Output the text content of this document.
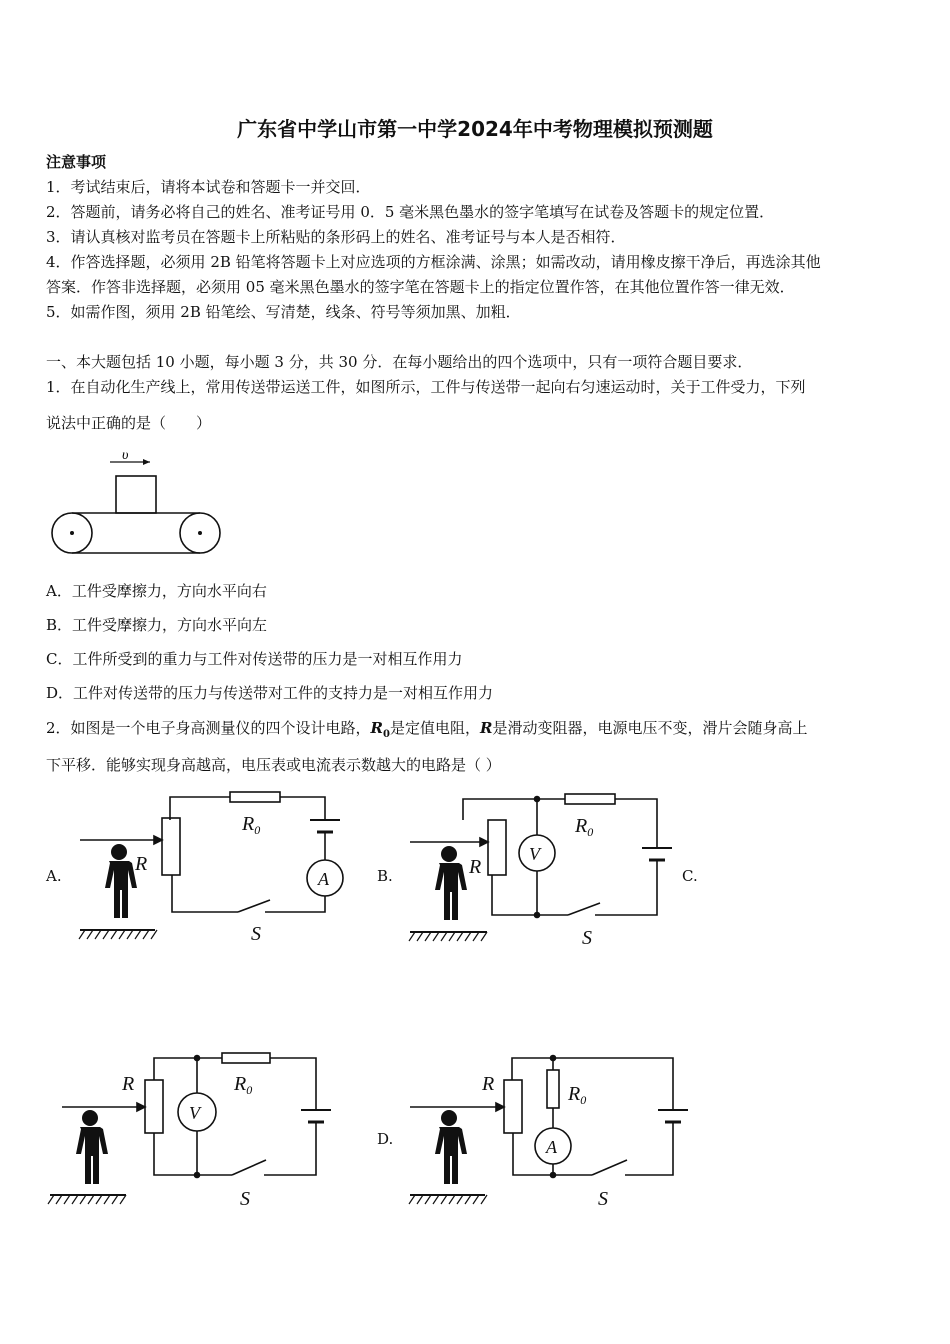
广东省中学山市第一中学2024年中考物理模拟预测题
注意事项
1．考试结束后，请将本试卷和答题卡一并交回．
2．答题前，请务必将自己的姓名、准考证号用 0．5 毫米黑色墨水的签字笔填写在试卷及答题卡的规定位置．
3．请认真核对监考员在答题卡上所粘贴的条形码上的姓名、准考证号与本人是否相符．
4．作答选择题，必须用 2B 铅笔将答题卡上对应选项的方框涂满、涂黑；如需改动，请用橡皮擦干净后，再选涂其他
答案．作答非选择题，必须用 05 毫米黑色墨水的签字笔在答题卡上的指定位置作答，在其他位置作答一律无效．
5．如需作图，须用 2B 铅笔绘、写清楚，线条、符号等须加黑、加粗．
一、本大题包括 10 小题，每小题 3 分，共 30 分．在每小题给出的四个选项中，只有一项符合题目要求．
1．在自动化生产线上，常用传送带运送工件，如图所示，工件与传送带一起向右匀速运动时，关于工件受力，下列
说法中正确的是（　　）
υ
A．工件受摩擦力，方向水平向右
B．工件受摩擦力，方向水平向左
C．工件所受到的重力与工件对传送带的压力是一对相互作用力
D．工件对传送带的压力与传送带对工件的支持力是一对相互作用力
2．如图是一个电子身高测量仪的四个设计电路，$R_0$是定值电阻，R是滑动变阻器，电源电压不变，滑片会随身高上
下平移．能够实现身高越高，电压表或电流表示数越大的电路是（ ）
A.	B.	C.
D.
A
R
$R_0$
S
V
R
$R_0$
S
V
R	$R_0$
S
A
R	$R_0$
S
